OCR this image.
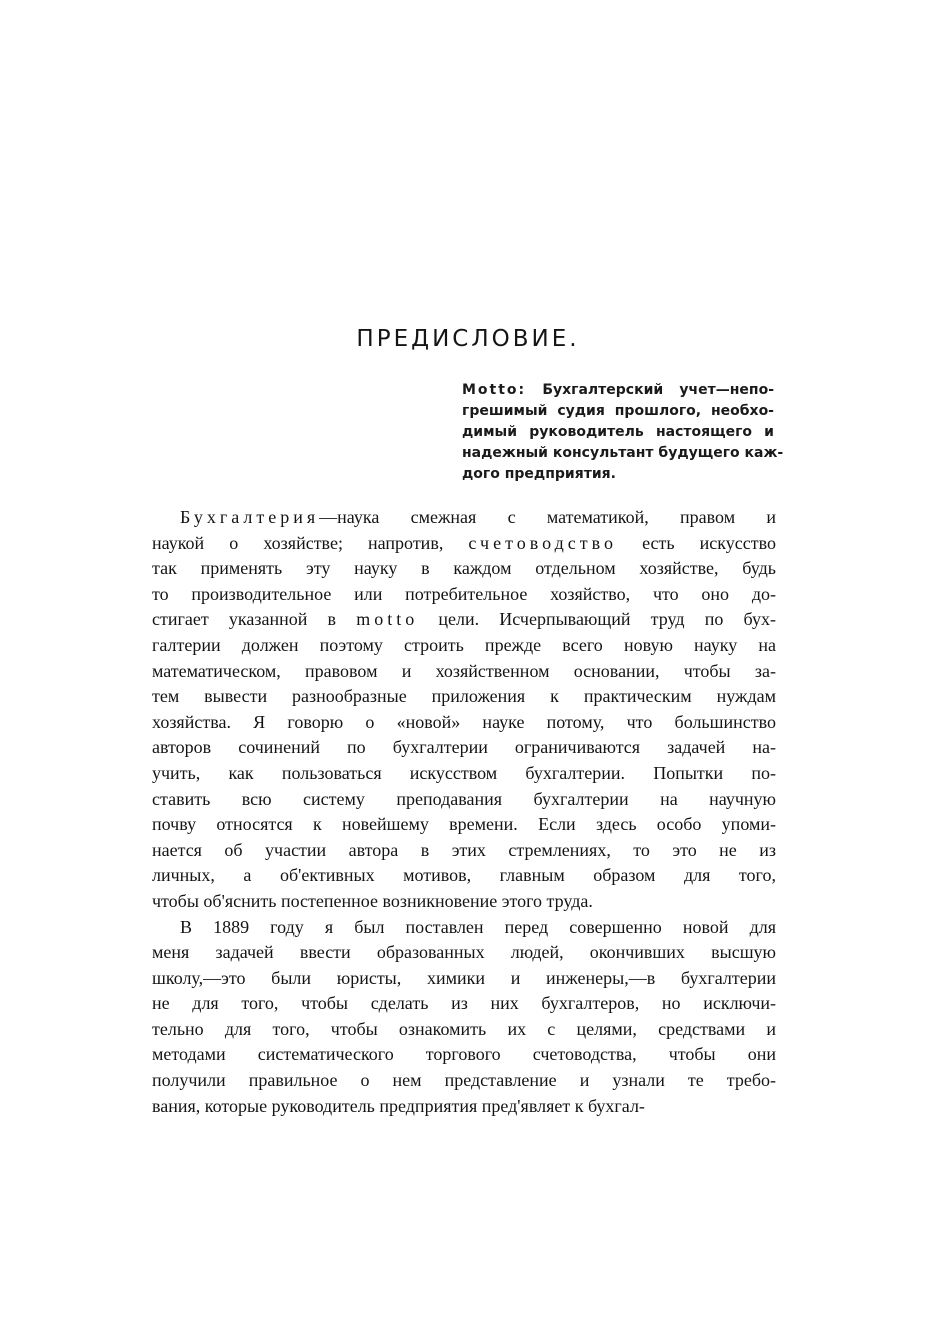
ПРЕДИСЛОВИЕ.
Motto: Бухгалтерский учет—непо-
грешимый судия прошлого, необхо-
димый руководитель настоящего и
надежный консультант будущего каж-
дого предприятия.
Бухгалтерия—наука смежная с математикой, правом и
наукой о хозяйстве; напротив, счетоводство есть искусство
так применять эту науку в каждом отдельном хозяйстве, будь
то производительное или потребительное хозяйство, что оно до-
стигает указанной в motto цели. Исчерпывающий труд по бух-
галтерии должен поэтому строить прежде всего новую науку на
математическом, правовом и хозяйственном основании, чтобы за-
тем вывести разнообразные приложения к практическим нуждам
хозяйства. Я говорю о «новой» науке потому, что большинство
авторов сочинений по бухгалтерии ограничиваются задачей на-
учить, как пользоваться искусством бухгалтерии. Попытки по-
ставить всю систему преподавания бухгалтерии на научную
почву относятся к новейшему времени. Если здесь особо упоми-
нается об участии автора в этих стремлениях, то это не из
личных, а об'ективных мотивов, главным образом для того,
чтобы об'яснить постепенное возникновение этого труда.
В 1889 году я был поставлен перед совершенно новой для
меня задачей ввести образованных людей, окончивших высшую
школу,—это были юристы, химики и инженеры,—в бухгалтерии
не для того, чтобы сделать из них бухгалтеров, но исключи-
тельно для того, чтобы ознакомить их с целями, средствами и
методами систематического торгового счетоводства, чтобы они
получили правильное о нем представление и узнали те требо-
вания, которые руководитель предприятия пред'являет к бухгал-
